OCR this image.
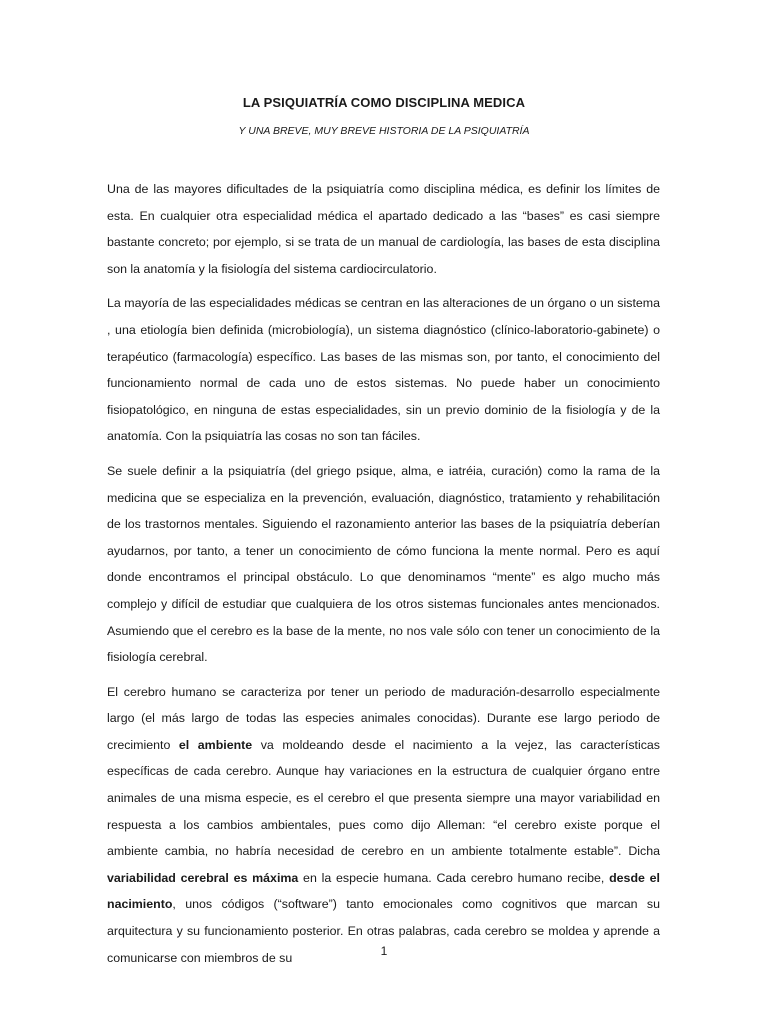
LA PSIQUIATRÍA COMO DISCIPLINA MEDICA
Y UNA BREVE, MUY BREVE HISTORIA DE LA PSIQUIATRÍA

Una de las mayores dificultades de la psiquiatría como disciplina médica, es definir los límites de esta. En cualquier otra especialidad médica el apartado dedicado a las “bases” es casi siempre bastante concreto; por ejemplo, si se trata de un manual de cardiología, las bases de esta disciplina son la anatomía y la fisiología del sistema cardiocirculatorio.

La mayoría de las especialidades médicas se centran en las alteraciones de un órgano o un sistema , una etiología bien definida (microbiología), un sistema diagnóstico (clínico-laboratorio-gabinete) o terapéutico (farmacología) específico. Las bases de las mismas son, por tanto, el conocimiento del funcionamiento normal de cada uno de estos sistemas. No puede haber un conocimiento fisiopatológico, en ninguna de estas especialidades, sin un previo dominio de la fisiología y de la anatomía. Con la psiquiatría las cosas no son tan fáciles.

Se suele definir a la psiquiatría (del griego psique, alma, e iatréia, curación) como la rama de la medicina que se especializa en la prevención, evaluación, diagnóstico, tratamiento y rehabilitación de los trastornos mentales. Siguiendo el razonamiento anterior las bases de la psiquiatría deberían ayudarnos, por tanto, a tener un conocimiento de cómo funciona la mente normal. Pero es aquí donde encontramos el principal obstáculo. Lo que denominamos “mente” es algo mucho más complejo y difícil de estudiar que cualquiera de los otros sistemas funcionales antes mencionados. Asumiendo que el cerebro es la base de la mente, no nos vale sólo con tener un conocimiento de la fisiología cerebral.

El cerebro humano se caracteriza por tener un periodo de maduración-desarrollo especialmente largo (el más largo de todas las especies animales conocidas). Durante ese largo periodo de crecimiento el ambiente va moldeando desde el nacimiento a la vejez, las características específicas de cada cerebro. Aunque hay variaciones en la estructura de cualquier órgano entre animales de una misma especie, es el cerebro el que presenta siempre una mayor variabilidad en respuesta a los cambios ambientales, pues como dijo Alleman: “el cerebro existe porque el ambiente cambia, no habría necesidad de cerebro en un ambiente totalmente estable”. Dicha variabilidad cerebral es máxima en la especie humana. Cada cerebro humano recibe, desde el nacimiento, unos códigos (“software”) tanto emocionales como cognitivos que marcan su arquitectura y su funcionamiento posterior. En otras palabras, cada cerebro se moldea y aprende a comunicarse con miembros de su	1
